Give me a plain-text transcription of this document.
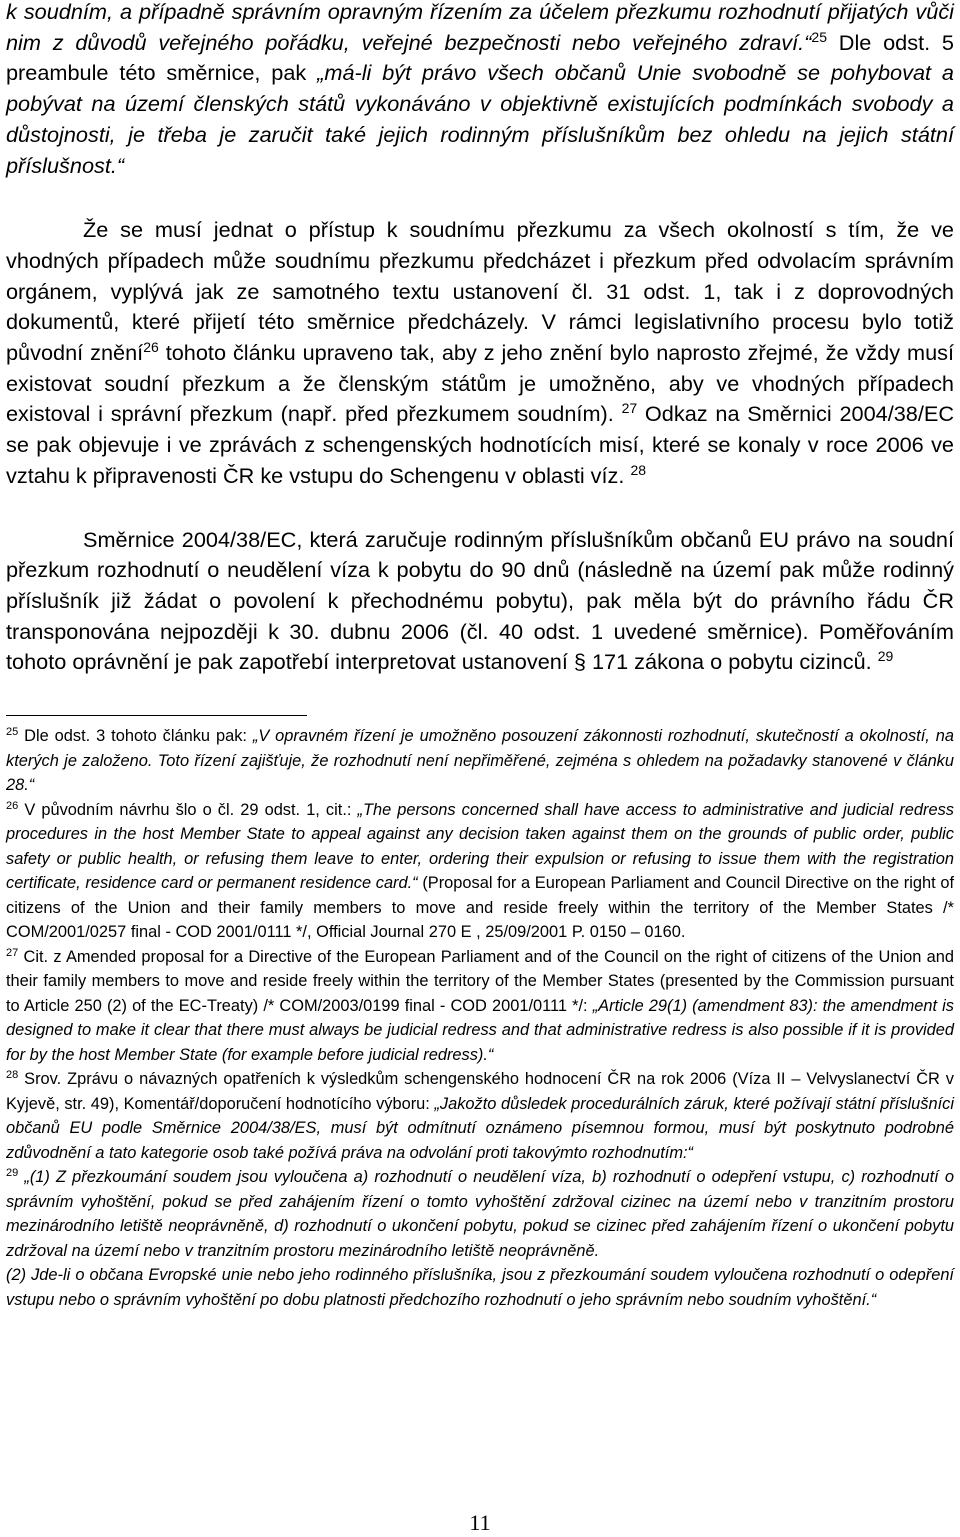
k soudním, a případně správním opravným řízením za účelem přezkumu rozhodnutí přijatých vůči nim z důvodů veřejného pořádku, veřejné bezpečnosti nebo veřejného zdraví.“$^{25}$ Dle odst. 5 preambule této směrnice, pak „má-li být právo všech občanů Unie svobodně se pohybovat a pobývat na území členských států vykonáváno v objektivně existujících podmínkách svobody a důstojnosti, je třeba je zaručit také jejich rodinným příslušníkům bez ohledu na jejich státní příslušnost.“

Že se musí jednat o přístup k soudnímu přezkumu za všech okolností s tím, že ve vhodných případech může soudnímu přezkumu předcházet i přezkum před odvolacím správním orgánem, vyplývá jak ze samotného textu ustanovení čl. 31 odst. 1, tak i z doprovodných dokumentů, které přijetí této směrnice předcházely. V rámci legislativního procesu bylo totiž původní znění$^{26}$ tohoto článku upraveno tak, aby z jeho znění bylo naprosto zřejmé, že vždy musí existovat soudní přezkum a že členským státům je umožněno, aby ve vhodných případech existoval i správní přezkum (např. před přezkumem soudním). $^{27}$ Odkaz na Směrnici 2004/38/EC se pak objevuje i ve zprávách z schengenských hodnotících misí, které se konaly v roce 2006 ve vztahu k připravenosti ČR ke vstupu do Schengenu v oblasti víz. $^{28}$

Směrnice 2004/38/EC, která zaručuje rodinným příslušníkům občanů EU právo na soudní přezkum rozhodnutí o neudělení víza k pobytu do 90 dnů (následně na území pak může rodinný příslušník již žádat o povolení k přechodnému pobytu), pak měla být do právního řádu ČR transponována nejpozději k 30. dubnu 2006 (čl. 40 odst. 1 uvedené směrnice). Poměřováním tohoto oprávnění je pak zapotřebí interpretovat ustanovení § 171 zákona o pobytu cizinců. $^{29}$

$^{25}$ Dle odst. 3 tohoto článku pak: „V opravném řízení je umožněno posouzení zákonnosti rozhodnutí, skutečností a okolností, na kterých je založeno. Toto řízení zajišťuje, že rozhodnutí není nepřiměřené, zejména s ohledem na požadavky stanovené v článku 28.“

$^{26}$ V původním návrhu šlo o čl. 29 odst. 1, cit.: „The persons concerned shall have access to administrative and judicial redress procedures in the host Member State to appeal against any decision taken against them on the grounds of public order, public safety or public health, or refusing them leave to enter, ordering their expulsion or refusing to issue them with the registration certificate, residence card or permanent residence card.“ (Proposal for a European Parliament and Council Directive on the right of citizens of the Union and their family members to move and reside freely within the territory of the Member States /* COM/2001/0257 final - COD 2001/0111 */, Official Journal 270 E , 25/09/2001 P. 0150 – 0160.

$^{27}$ Cit. z Amended proposal for a Directive of the European Parliament and of the Council on the right of citizens of the Union and their family members to move and reside freely within the territory of the Member States (presented by the Commission pursuant to Article 250 (2) of the EC-Treaty) /* COM/2003/0199 final - COD 2001/0111 */: „Article 29(1) (amendment 83): the amendment is designed to make it clear that there must always be judicial redress and that administrative redress is also possible if it is provided for by the host Member State (for example before judicial redress).“

$^{28}$ Srov. Zprávu o návazných opatřeních k výsledkům schengenského hodnocení ČR na rok 2006 (Víza II – Velvyslanectví ČR v Kyjevě, str. 49), Komentář/doporučení hodnotícího výboru: „Jakožto důsledek procedurálních záruk, které požívají státní příslušníci občanů EU podle Směrnice 2004/38/ES, musí být odmítnutí oznámeno písemnou formou, musí být poskytnuto podrobné zdůvodnění a tato kategorie osob také požívá práva na odvolání proti takovýmto rozhodnutím:“

$^{29}$ „(1) Z přezkoumání soudem jsou vyloučena a) rozhodnutí o neudělení víza, b) rozhodnutí o odepření vstupu, c) rozhodnutí o správním vyhoštění, pokud se před zahájením řízení o tomto vyhoštění zdržoval cizinec na území nebo v tranzitním prostoru mezinárodního letiště neoprávněně, d) rozhodnutí o ukončení pobytu, pokud se cizinec před zahájením řízení o ukončení pobytu zdržoval na území nebo v tranzitním prostoru mezinárodního letiště neoprávněně.

(2) Jde-li o občana Evropské unie nebo jeho rodinného příslušníka, jsou z přezkoumání soudem vyloučena rozhodnutí o odepření vstupu nebo o správním vyhoštění po dobu platnosti předchozího rozhodnutí o jeho správním nebo soudním vyhoštění.“

11
